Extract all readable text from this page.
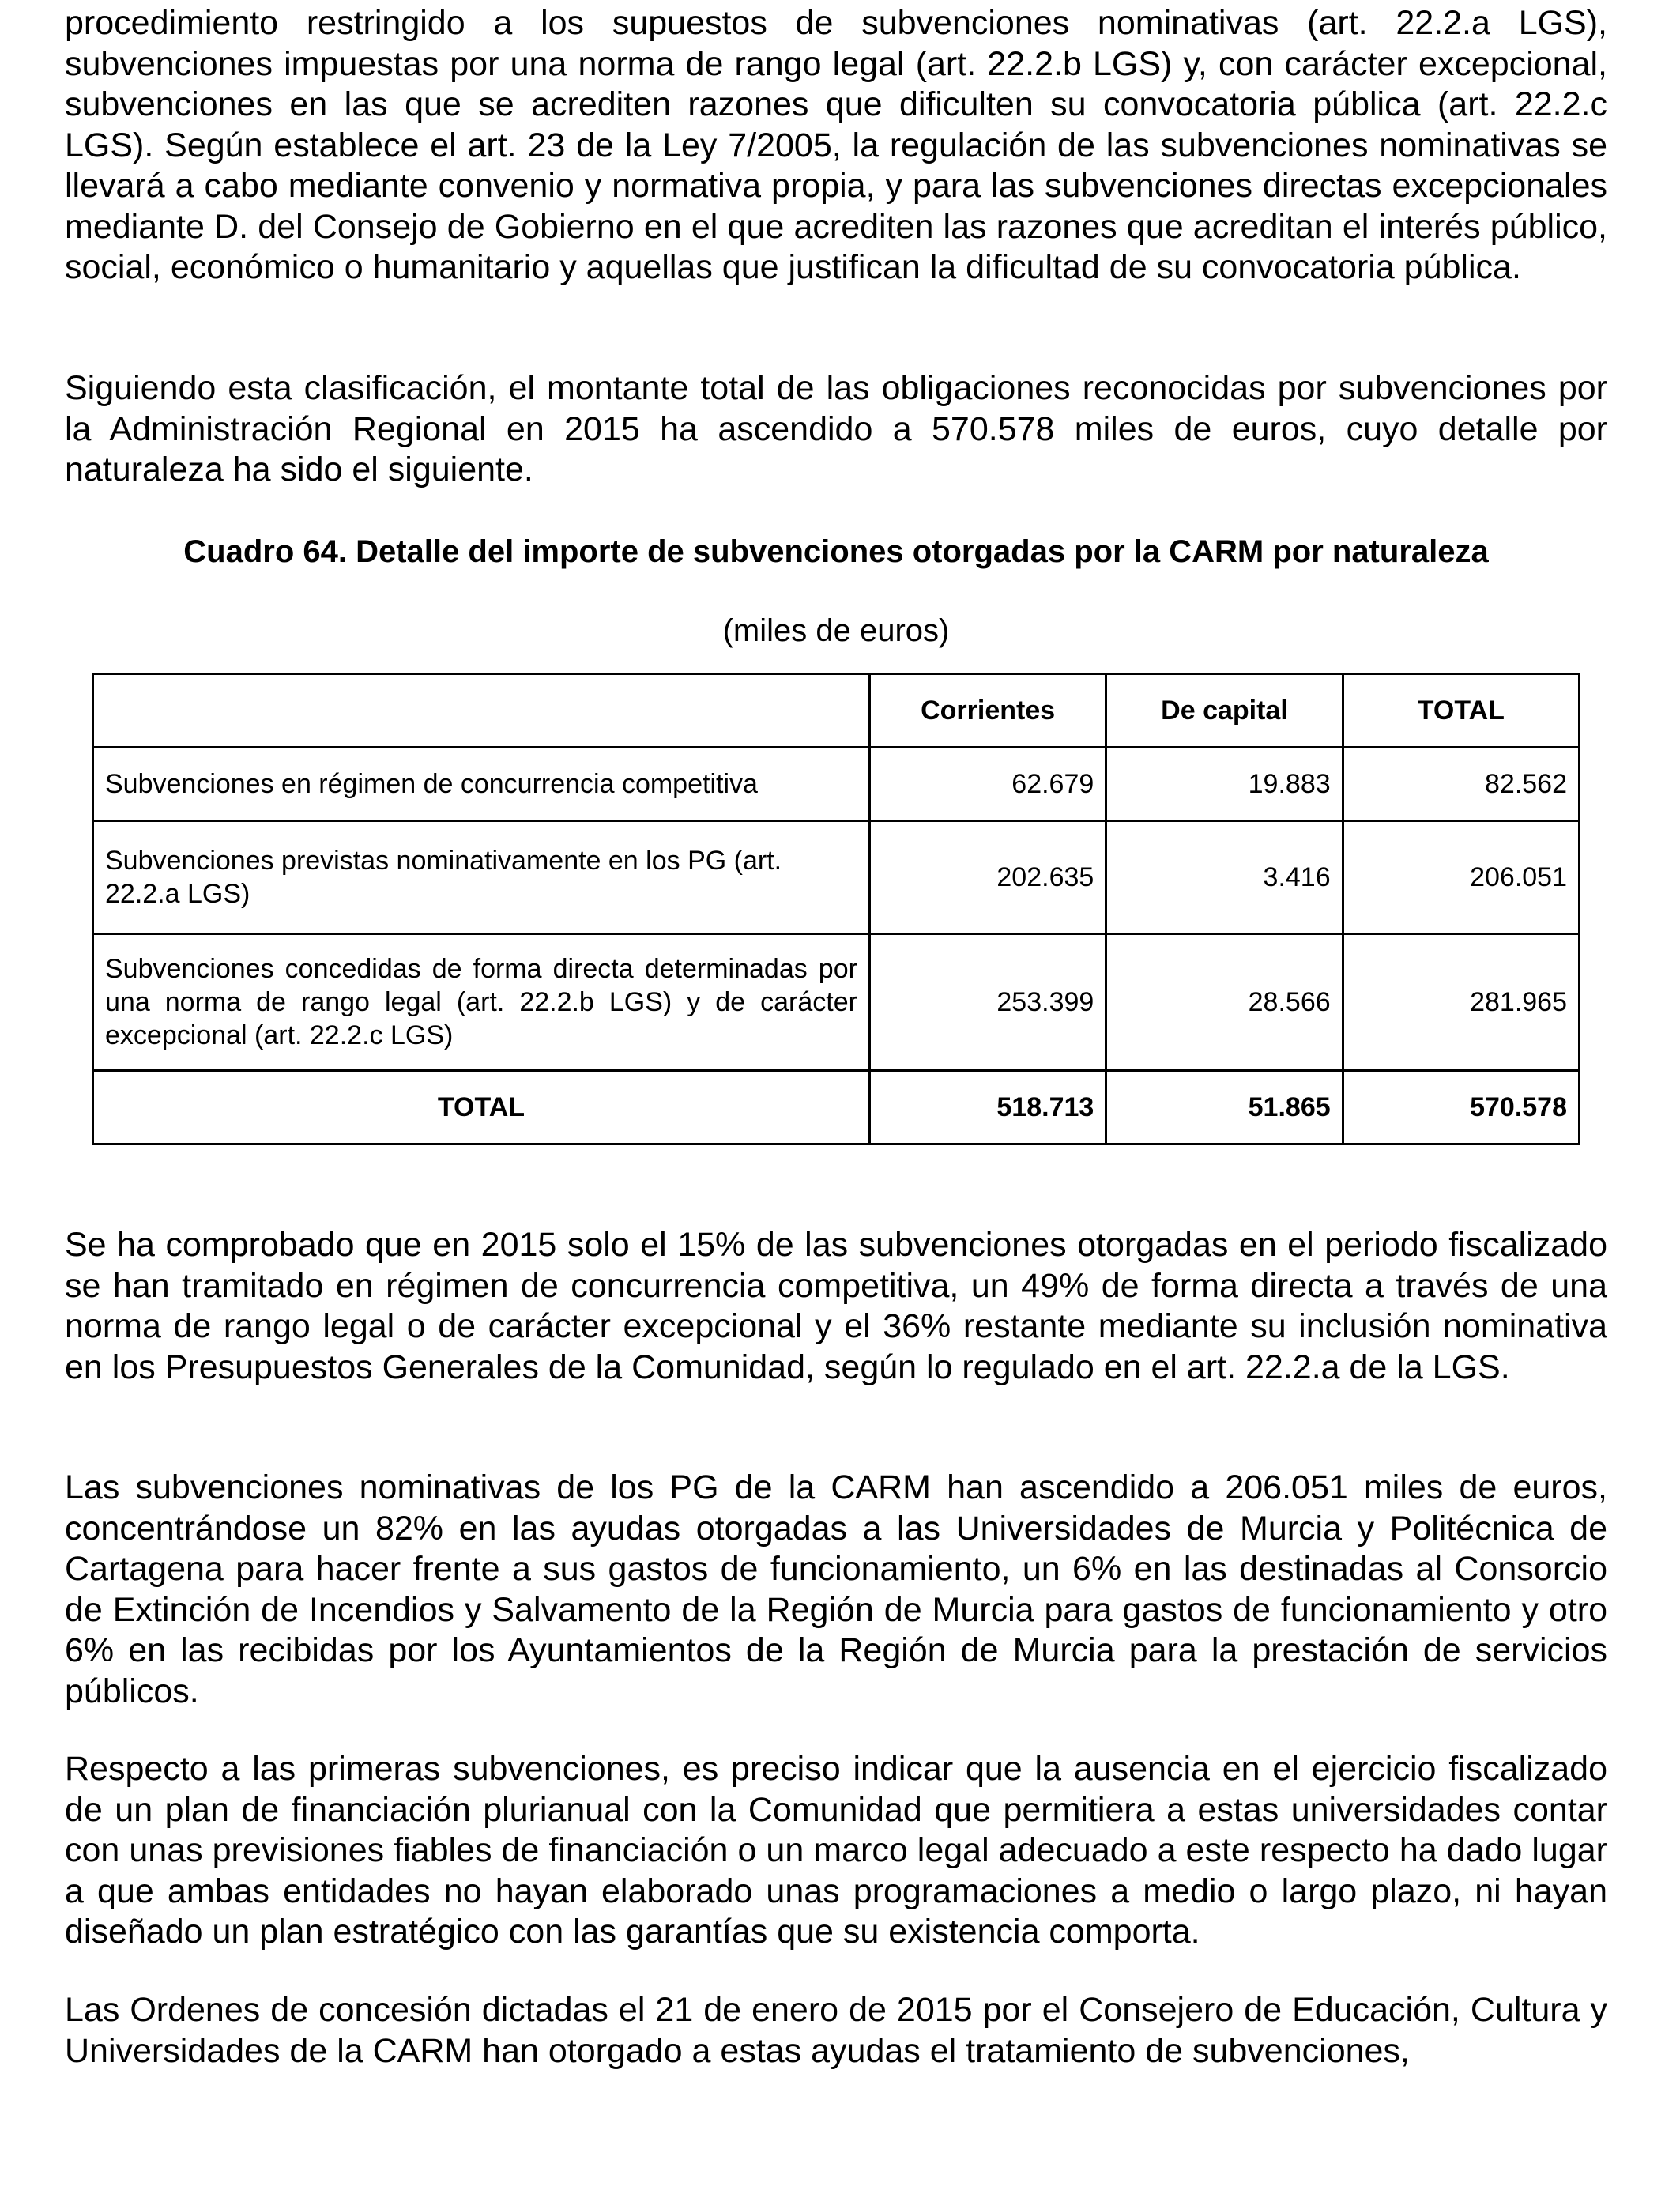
procedimiento restringido a los supuestos de subvenciones nominativas (art. 22.2.a LGS), subvenciones impuestas por una norma de rango legal (art. 22.2.b LGS) y, con carácter excepcional, subvenciones en las que se acrediten razones que dificulten su convocatoria pública (art. 22.2.c LGS). Según establece el art. 23 de la Ley 7/2005, la regulación de las subvenciones nominativas se llevará a cabo mediante convenio y normativa propia, y para las subvenciones directas excepcionales mediante D. del Consejo de Gobierno en el que acrediten las razones que acreditan el interés público, social, económico o humanitario y aquellas que justifican la dificultad de su convocatoria pública.

Siguiendo esta clasificación, el montante total de las obligaciones reconocidas por subvenciones por la Administración Regional en 2015 ha ascendido a 570.578 miles de euros, cuyo detalle por naturaleza ha sido el siguiente.

Cuadro 64. Detalle del importe de subvenciones otorgadas por la CARM por naturaleza
(miles de euros)
	Corrientes	De capital	TOTAL
Subvenciones en régimen de concurrencia competitiva	62.679	19.883	82.562
Subvenciones previstas nominativamente en los PG (art. 22.2.a LGS)	202.635	3.416	206.051
Subvenciones concedidas de forma directa determinadas por una norma de rango legal (art. 22.2.b LGS) y de carácter excepcional (art. 22.2.c LGS)	253.399	28.566	281.965
TOTAL	518.713	51.865	570.578

Se ha comprobado que en 2015 solo el 15% de las subvenciones otorgadas en el periodo fiscalizado se han tramitado en régimen de concurrencia competitiva, un 49% de forma directa a través de una norma de rango legal o de carácter excepcional y el 36% restante mediante su inclusión nominativa en los Presupuestos Generales de la Comunidad, según lo regulado en el art. 22.2.a de la LGS.

Las subvenciones nominativas de los PG de la CARM han ascendido a 206.051 miles de euros, concentrándose un 82% en las ayudas otorgadas a las Universidades de Murcia y Politécnica de Cartagena para hacer frente a sus gastos de funcionamiento, un 6% en las destinadas al Consorcio de Extinción de Incendios y Salvamento de la Región de Murcia para gastos de funcionamiento y otro 6% en las recibidas por los Ayuntamientos de la Región de Murcia para la prestación de servicios públicos.

Respecto a las primeras subvenciones, es preciso indicar que la ausencia en el ejercicio fiscalizado de un plan de financiación plurianual con la Comunidad que permitiera a estas universidades contar con unas previsiones fiables de financiación o un marco legal adecuado a este respecto ha dado lugar a que ambas entidades no hayan elaborado unas programaciones a medio o largo plazo, ni hayan diseñado un plan estratégico con las garantías que su existencia comporta.

Las Ordenes de concesión dictadas el 21 de enero de 2015 por el Consejero de Educación, Cultura y Universidades de la CARM han otorgado a estas ayudas el tratamiento de subvenciones,
